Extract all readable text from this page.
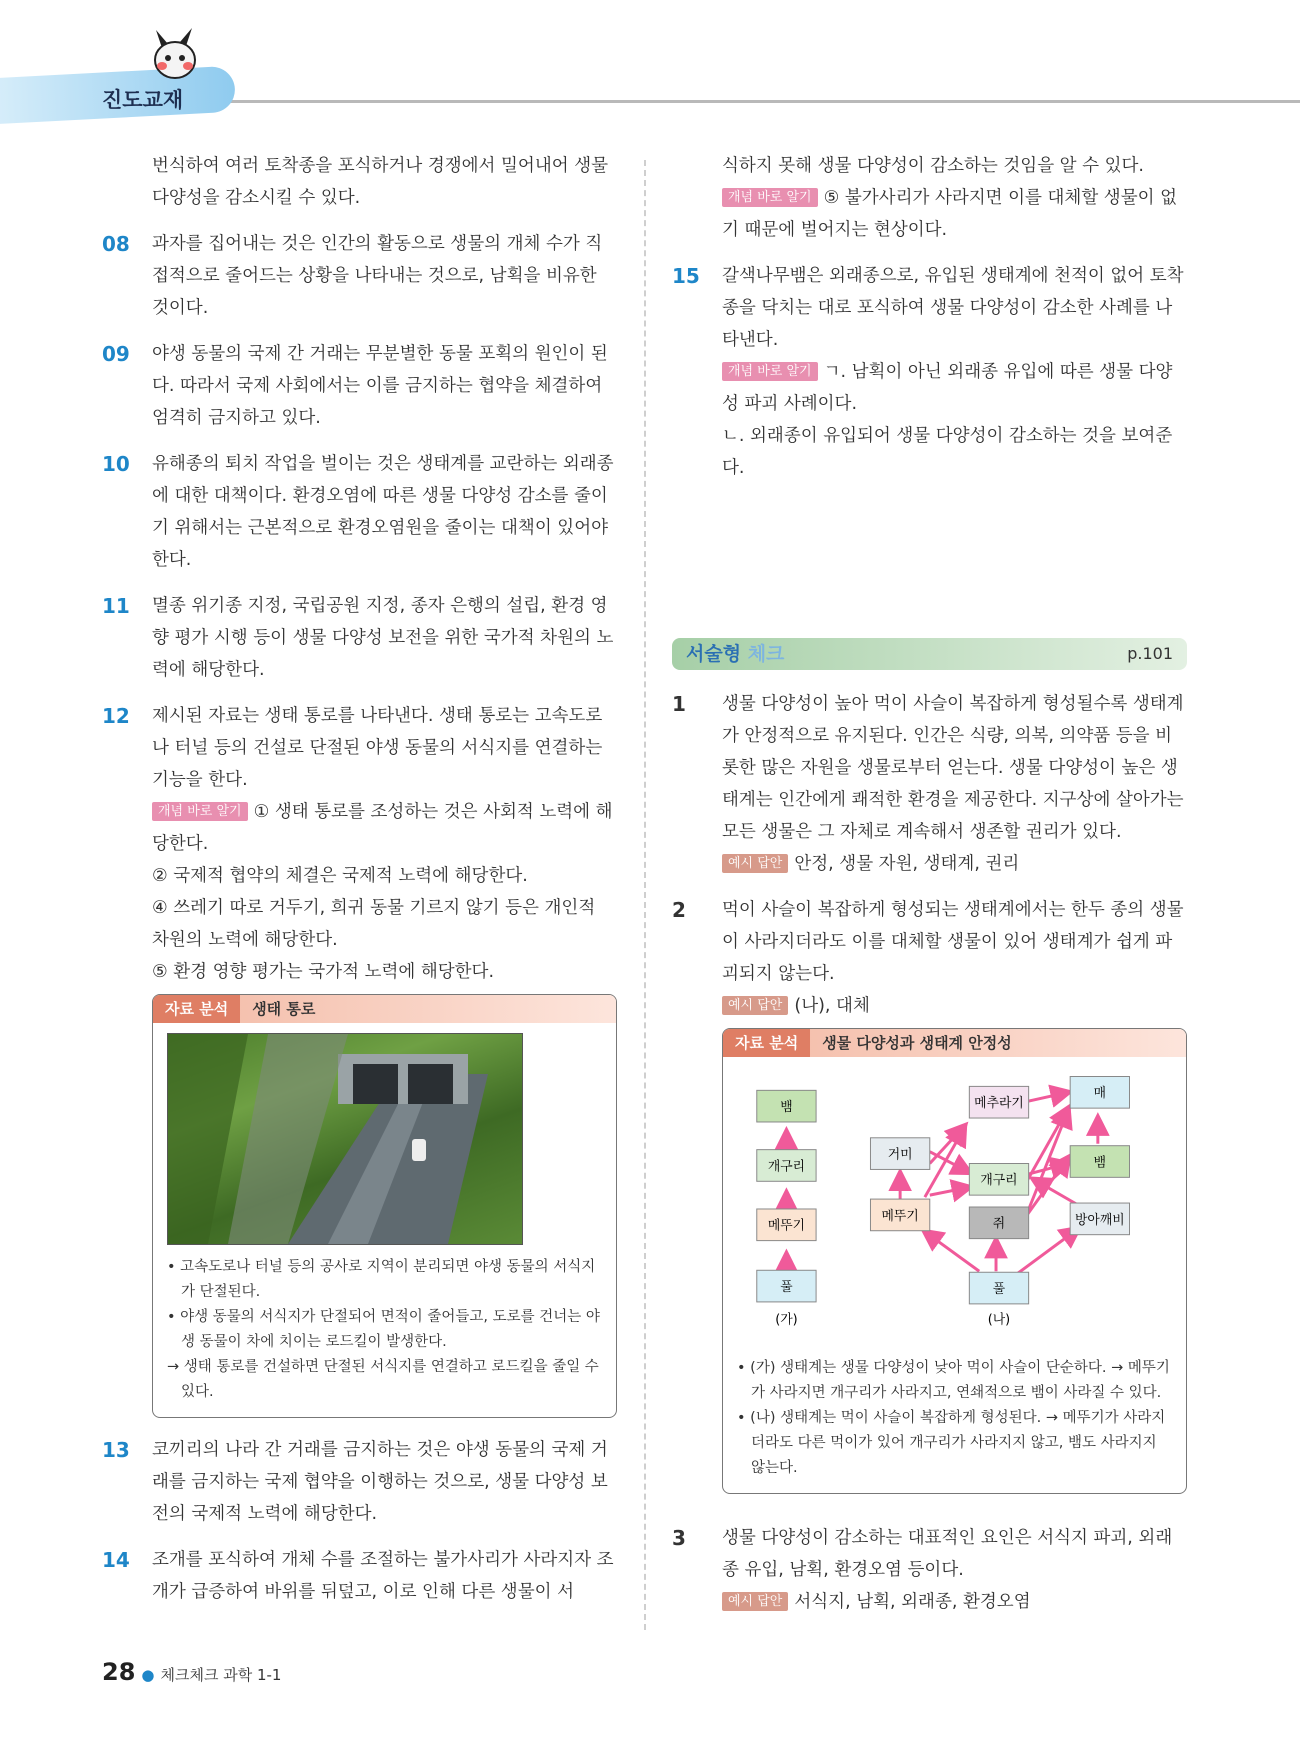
진도교재

번식하여 여러 토착종을 포식하거나 경쟁에서 밀어내어 생물 다양성을 감소시킬 수 있다.

08 과자를 집어내는 것은 인간의 활동으로 생물의 개체 수가 직접적으로 줄어드는 상황을 나타내는 것으로, 남획을 비유한 것이다.
09 야생 동물의 국제 간 거래는 무분별한 동물 포획의 원인이 된다. 따라서 국제 사회에서는 이를 금지하는 협약을 체결하여 엄격히 금지하고 있다.
10 유해종의 퇴치 작업을 벌이는 것은 생태계를 교란하는 외래종에 대한 대책이다. 환경오염에 따른 생물 다양성 감소를 줄이기 위해서는 근본적으로 환경오염원을 줄이는 대책이 있어야 한다.
11 멸종 위기종 지정, 국립공원 지정, 종자 은행의 설립, 환경 영향 평가 시행 등이 생물 다양성 보전을 위한 국가적 차원의 노력에 해당한다.
12 제시된 자료는 생태 통로를 나타낸다. 생태 통로는 고속도로나 터널 등의 건설로 단절된 야생 동물의 서식지를 연결하는 기능을 한다.
개념 바로 알기 ① 생태 통로를 조성하는 것은 사회적 노력에 해당한다.
② 국제적 협약의 체결은 국제적 노력에 해당한다.
④ 쓰레기 따로 거두기, 희귀 동물 기르지 않기 등은 개인적 차원의 노력에 해당한다.
⑤ 환경 영향 평가는 국가적 노력에 해당한다.
자료 분석 생태 통로

• 고속도로나 터널 등의 공사로 지역이 분리되면 야생 동물의 서식지가 단절된다.

• 야생 동물의 서식지가 단절되어 면적이 줄어들고, 도로를 건너는 야생 동물이 차에 치이는 로드킬이 발생한다.

→ 생태 통로를 건설하면 단절된 서식지를 연결하고 로드킬을 줄일 수 있다.

13 코끼리의 나라 간 거래를 금지하는 것은 야생 동물의 국제 거래를 금지하는 국제 협약을 이행하는 것으로, 생물 다양성 보전의 국제적 노력에 해당한다.
14 조개를 포식하여 개체 수를 조절하는 불가사리가 사라지자 조개가 급증하여 바위를 뒤덮고, 이로 인해 다른 생물이 서
식하지 못해 생물 다양성이 감소하는 것임을 알 수 있다.
개념 바로 알기 ⑤ 불가사리가 사라지면 이를 대체할 생물이 없기 때문에 벌어지는 현상이다.
15 갈색나무뱀은 외래종으로, 유입된 생태계에 천적이 없어 토착종을 닥치는 대로 포식하여 생물 다양성이 감소한 사례를 나타낸다.
개념 바로 알기 ㄱ. 남획이 아닌 외래종 유입에 따른 생물 다양성 파괴 사례이다.
ㄴ. 외래종이 유입되어 생물 다양성이 감소하는 것을 보여준다.
서술형 체크	p.101
1 생물 다양성이 높아 먹이 사슬이 복잡하게 형성될수록 생태계가 안정적으로 유지된다. 인간은 식량, 의복, 의약품 등을 비롯한 많은 자원을 생물로부터 얻는다. 생물 다양성이 높은 생태계는 인간에게 쾌적한 환경을 제공한다. 지구상에 살아가는 모든 생물은 그 자체로 계속해서 생존할 권리가 있다.
예시 답안 안정, 생물 자원, 생태계, 권리
2 먹이 사슬이 복잡하게 형성되는 생태계에서는 한두 종의 생물이 사라지더라도 이를 대체할 생물이 있어 생태계가 쉽게 파괴되지 않는다.
예시 답안 (나), 대체
자료 분석 생물 다양성과 생태계 안정성
뱀
개구리
메뚜기
풀
(가)
메추라기
매
거미
뱀
개구리
메뚜기
쥐	방아깨비
풀
(나)

• (가) 생태계는 생물 다양성이 낮아 먹이 사슬이 단순하다. → 메뚜기가 사라지면 개구리가 사라지고, 연쇄적으로 뱀이 사라질 수 있다.

• (나) 생태계는 먹이 사슬이 복잡하게 형성된다. → 메뚜기가 사라지더라도 다른 먹이가 있어 개구리가 사라지지 않고, 뱀도 사라지지 않는다.

3 생물 다양성이 감소하는 대표적인 요인은 서식지 파괴, 외래종 유입, 남획, 환경오염 등이다.
예시 답안 서식지, 남획, 외래종, 환경오염
28 ● 체크체크 과학 1-1
